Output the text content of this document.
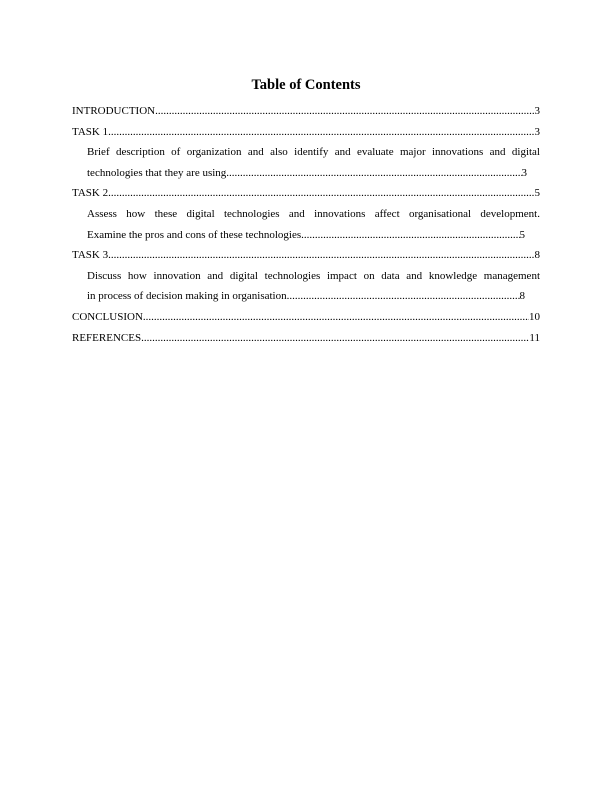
Table of Contents
INTRODUCTION .....	3
TASK 1 .....	3
Brief description of organization and also identify and evaluate major innovations and digital
technologies that they are using .....	3
TASK 2 .....	5
Assess how these digital technologies and innovations affect organisational development.
Examine the pros and cons of these technologies .....	5
TASK 3 .....	8
Discuss how innovation and digital technologies impact on data and knowledge management
in process of decision making in organisation .....	8
CONCLUSION .....	10
REFERENCES .....	11
